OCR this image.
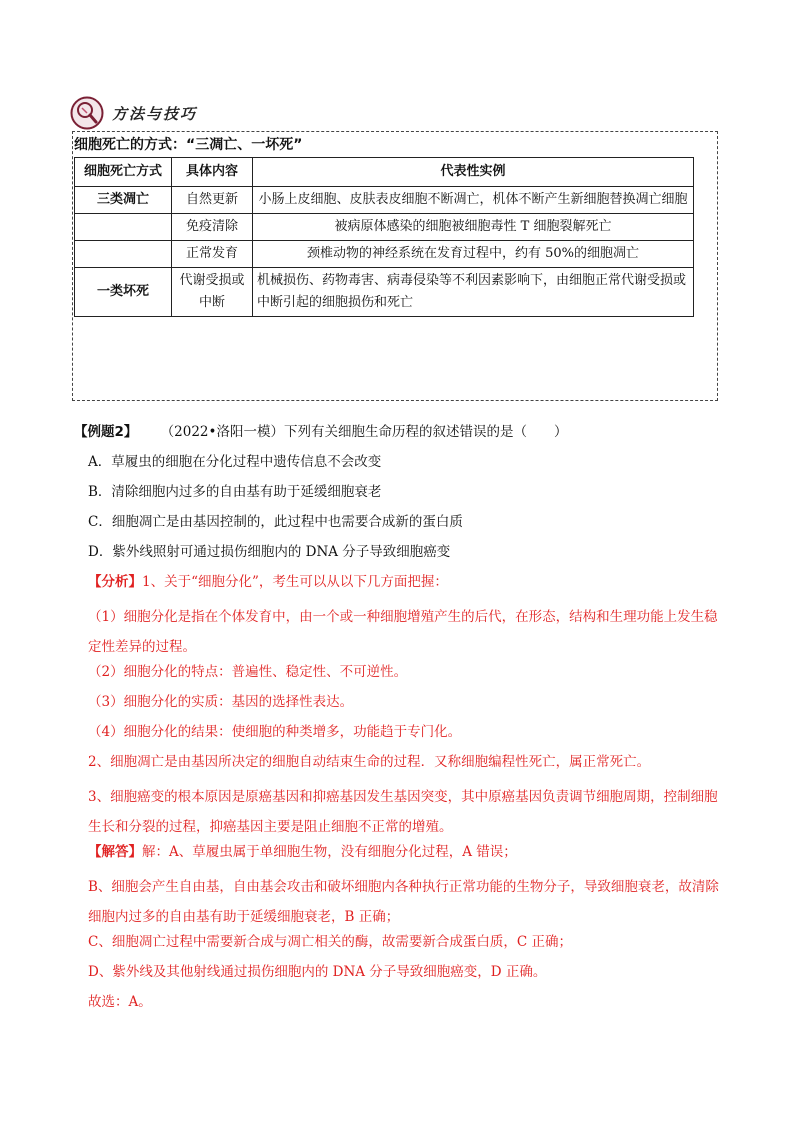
方法与技巧
细胞死亡的方式：“三凋亡、一坏死”
细胞死亡方式	具体内容	代表性实例
三类凋亡	自然更新	小肠上皮细胞、皮肤表皮细胞不断凋亡，机体不断产生新细胞替换凋亡细胞
	免疫清除	被病原体感染的细胞被细胞毒性 T 细胞裂解死亡
	正常发育	颈椎动物的神经系统在发育过程中，约有 50%的细胞凋亡
一类坏死	代谢受损或中断	机械损伤、药物毒害、病毒侵染等不利因素影响下，由细胞正常代谢受损或中断引起的细胞损伤和死亡
【例题2】 （2022•洛阳一模）下列有关细胞生命历程的叙述错误的是（　　）
A．草履虫的细胞在分化过程中遗传信息不会改变
B．清除细胞内过多的自由基有助于延缓细胞衰老
C．细胞凋亡是由基因控制的，此过程中也需要合成新的蛋白质
D．紫外线照射可通过损伤细胞内的 DNA 分子导致细胞癌变
【分析】1、关于“细胞分化”，考生可以从以下几方面把握：
（1）细胞分化是指在个体发育中，由一个或一种细胞增殖产生的后代，在形态，结构和生理功能上发生稳定性差异的过程。
（2）细胞分化的特点：普遍性、稳定性、不可逆性。
（3）细胞分化的实质：基因的选择性表达。
（4）细胞分化的结果：使细胞的种类增多，功能趋于专门化。
2、细胞凋亡是由基因所决定的细胞自动结束生命的过程．又称细胞编程性死亡，属正常死亡。
3、细胞癌变的根本原因是原癌基因和抑癌基因发生基因突变，其中原癌基因负责调节细胞周期，控制细胞生长和分裂的过程，抑癌基因主要是阻止细胞不正常的增殖。
【解答】解：A、草履虫属于单细胞生物，没有细胞分化过程，A 错误；
B、细胞会产生自由基，自由基会攻击和破坏细胞内各种执行正常功能的生物分子，导致细胞衰老，故清除细胞内过多的自由基有助于延缓细胞衰老，B 正确；
C、细胞凋亡过程中需要新合成与凋亡相关的酶，故需要新合成蛋白质，C 正确；
D、紫外线及其他射线通过损伤细胞内的 DNA 分子导致细胞癌变，D 正确。
故选：A。
